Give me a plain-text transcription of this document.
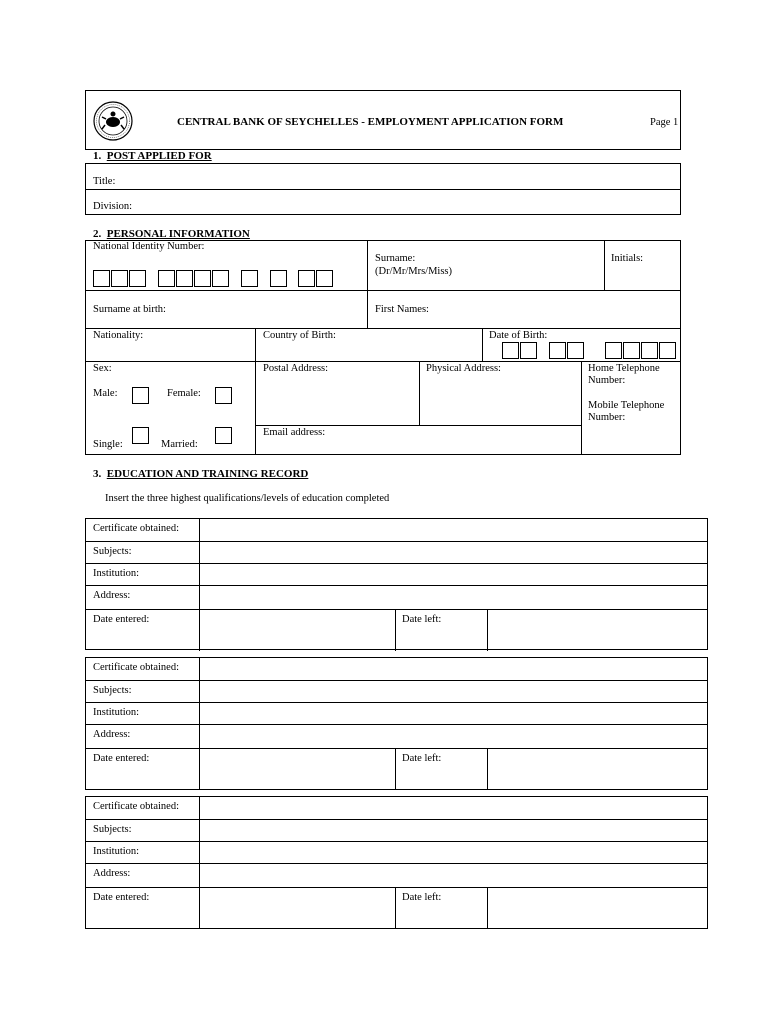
CENTRAL BANK OF SEYCHELLES - EMPLOYMENT APPLICATION FORM	Page 1
1. POST APPLIED FOR
Title:
Division:
2. PERSONAL INFORMATION
National Identity Number:
Surname:
(Dr/Mr/Mrs/Miss)
Initials:
Surname at birth:	First Names:
Nationality:	Country of Birth:	Date of Birth:
Sex:
Male:	Female:
Single:	Married:
Postal Address:	Physical Address:	Home Telephone
Number:
Mobile Telephone
Number:
Email address:
3. EDUCATION AND TRAINING RECORD
Insert the three highest qualifications/levels of education completed
Certificate obtained:
Subjects:
Institution:
Address:
Date entered:	Date left:
Certificate obtained:
Subjects:
Institution:
Address:
Date entered:	Date left:
Certificate obtained:
Subjects:
Institution:
Address:
Date entered:	Date left:
